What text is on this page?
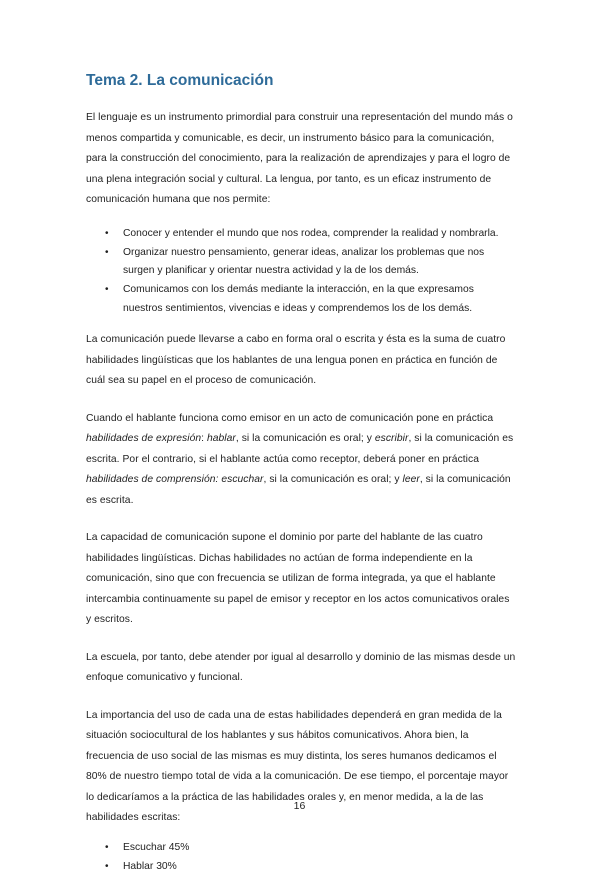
Tema 2. La comunicación

El lenguaje es un instrumento primordial para construir una representación del mundo más o menos compartida y comunicable, es decir, un instrumento básico para la comunicación, para la construcción del conocimiento, para la realización de aprendizajes y para el logro de una plena integración social y cultural. La lengua, por tanto, es un eficaz instrumento de comunicación humana que nos permite:

• Conocer y entender el mundo que nos rodea, comprender la realidad y nombrarla.
• Organizar nuestro pensamiento, generar ideas, analizar los problemas que nos surgen y planificar y orientar nuestra actividad y la de los demás.
• Comunicamos con los demás mediante la interacción, en la que expresamos nuestros sentimientos, vivencias e ideas y comprendemos los de los demás.

La comunicación puede llevarse a cabo en forma oral o escrita y ésta es la suma de cuatro habilidades lingüísticas que los hablantes de una lengua ponen en práctica en función de cuál sea su papel en el proceso de comunicación.

Cuando el hablante funciona como emisor en un acto de comunicación pone en práctica habilidades de expresión: hablar, si la comunicación es oral; y escribir, si la comunicación es escrita. Por el contrario, si el hablante actúa como receptor, deberá poner en práctica habilidades de comprensión: escuchar, si la comunicación es oral; y leer, si la comunicación es escrita.

La capacidad de comunicación supone el dominio por parte del hablante de las cuatro habilidades lingüísticas. Dichas habilidades no actúan de forma independiente en la comunicación, sino que con frecuencia se utilizan de forma integrada, ya que el hablante intercambia continuamente su papel de emisor y receptor en los actos comunicativos orales y escritos.

La escuela, por tanto, debe atender por igual al desarrollo y dominio de las mismas desde un enfoque comunicativo y funcional.

La importancia del uso de cada una de estas habilidades dependerá en gran medida de la situación sociocultural de los hablantes y sus hábitos comunicativos. Ahora bien, la frecuencia de uso social de las mismas es muy distinta, los seres humanos dedicamos el 80% de nuestro tiempo total de vida a la comunicación. De ese tiempo, el porcentaje mayor lo dedicaríamos a la práctica de las habilidades orales y, en menor medida, a la de las habilidades escritas:

• Escuchar 45%
• Hablar 30%
16
